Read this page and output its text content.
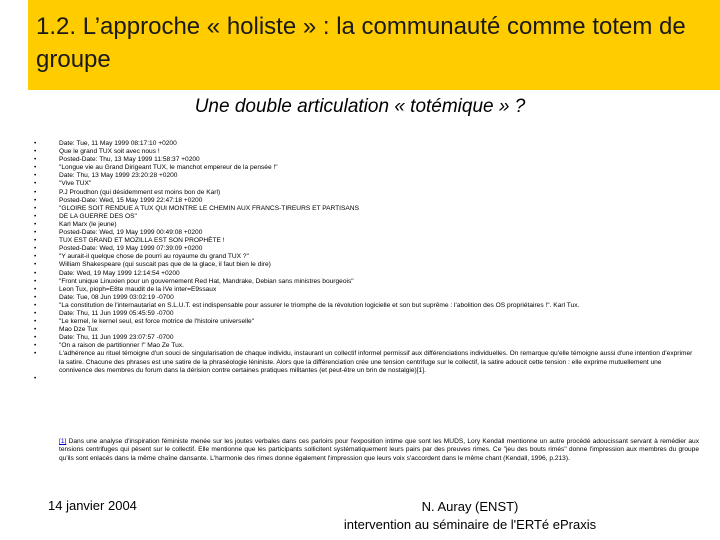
1.2. L’approche « holiste » : la communauté comme totem de groupe
Une double articulation « totémique » ?
• Date: Tue, 11 May 1999 08:17:10 +0200
• Que le grand TUX soit avec nous !
• Posted-Date: Thu, 13 May 1999 11:58:37 +0200
• "Longue vie au Grand Dirigeant TUX, le manchot empereur de la pensée !"
• Date: Thu, 13 May 1999 23:20:28 +0200
• "Vive TUX"
• P.J Proudhon (qui désidemment est moins bon de Karl)
• Posted-Date: Wed, 15 May 1999 22:47:18 +0200
• "GLOIRE SOIT RENDUE A TUX QUI MONTRE LE CHEMIN AUX FRANCS-TIREURS ET PARTISANS
• DE LA GUERRE DES OS"
• Karl Marx (le jeune)
• Posted-Date: Wed, 19 May 1999 00:49:08 +0200
• TUX EST GRAND ET MOZILLA EST SON PROPHÈTE !
• Posted-Date: Wed, 19 May 1999 07:39:09 +0200
• "Y aurait-il quelque chose de pourri au royaume du grand TUX ?"
• William Shakespeare (qui suscait pas que de la glace, il faut bien le dire)
• Date: Wed, 19 May 1999 12:14:54 +0200
• "Front unique Linuxien pour un gouvernement Red Hat, Mandrake, Debian sans ministres bourgeois"
• Leon Tux, pioph=E8te maudit de la IVe inter=E9ssaux
• Date: Tue, 08 Jun 1999 03:02:19 -0700
• "La constitution de l'internautariat en S.L.U.T. est indispensable pour assurer le triomphe de la révolution logicielle et son but suprême : l'abolition des OS propriétaires !". Karl Tux.
• Date: Thu, 11 Jun 1999 05:45:59 -0700
• "Le kernel, le kernel seul, est force motrice de l'histoire universelle"
• Mao Dze Tux
• Date: Thu, 11 Jun 1999 23:07:57 -0700
• "On a raison de partitionner !" Mao Ze Tux.
• L'adhérence au rituel témoigne d'un souci de singularisation de chaque individu, instaurant un collectif informel permissif aux différenciations individuelles. On remarque qu'elle témoigne aussi d'une intention d'exprimer la satire. Chacune des phrases est une satire de la phraséologie léniniste. Alors que la différenciation crée une tension centrifuge sur le collectif, la satire adoucit cette tension : elle exprime mutuellement une connivence des membres du forum dans la dérision contre certaines pratiques militantes (et peut-être un brin de nostalgie)[1].
[1] Dans une analyse d'inspiration féministe menée sur les joutes verbales dans ces parloirs pour l'exposition intime que sont les MUDS, Lory Kendall mentionne un autre procédé adoucissant servant à remédier aux tensions centrifuges qui pèsent sur le collectif. Elle mentionne que les participants sollicitent systématiquement leurs pairs par des preuves rimes. Ce "jeu des bouts rimés" donne l'impression aux membres du groupe qu'ils sont enlacés dans la même chaîne dansante. L'harmonie des rimes donne également l'impression que leurs voix s'accordent dans le même chant (Kendall, 1996, p.213).
14 janvier 2004	N. Auray (ENST)
intervention au séminaire de l'ERTé ePraxis
